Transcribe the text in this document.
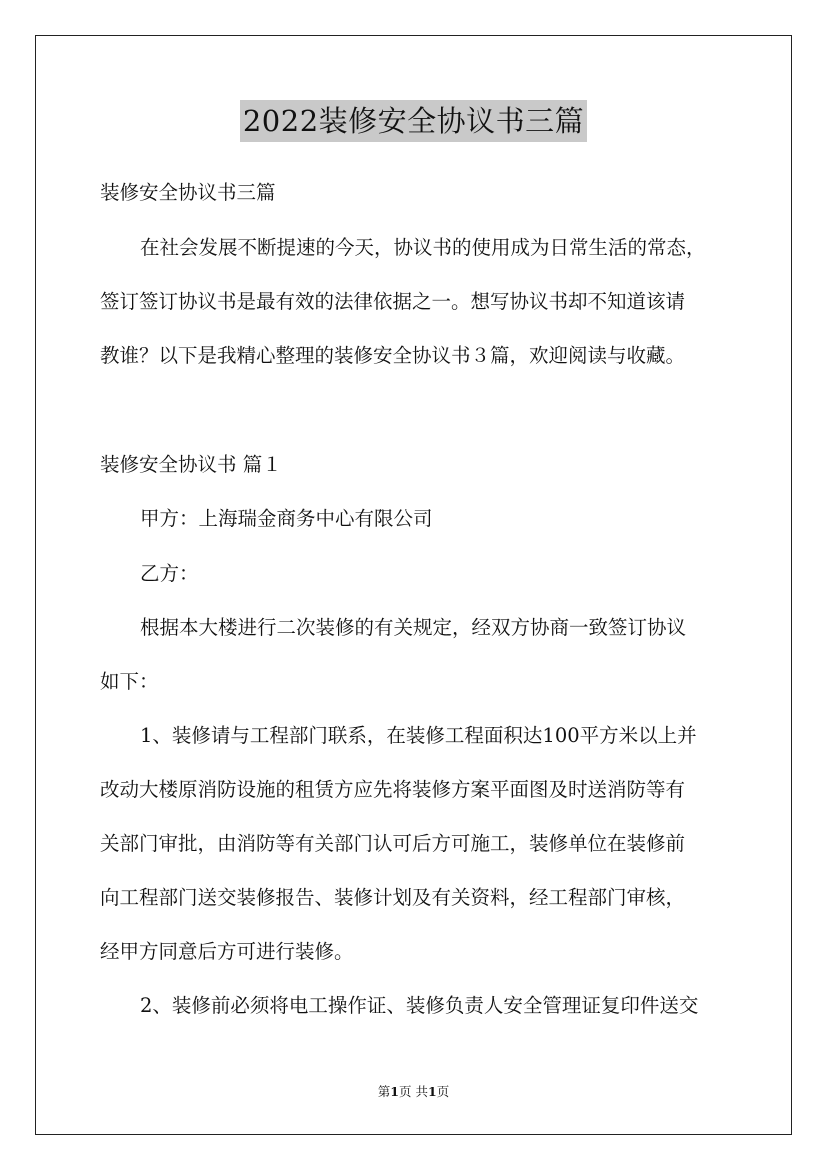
2022装修安全协议书三篇
装修安全协议书三篇
在社会发展不断提速的今天，协议书的使用成为日常生活的常态，
签订签订协议书是最有效的法律依据之一。想写协议书却不知道该请
教谁？以下是我精心整理的装修安全协议书３篇，欢迎阅读与收藏。
装修安全协议书 篇１
甲方：上海瑞金商务中心有限公司
乙方：
根据本大楼进行二次装修的有关规定，经双方协商一致签订协议
如下：
1、装修请与工程部门联系，在装修工程面积达100平方米以上并
改动大楼原消防设施的租赁方应先将装修方案平面图及时送消防等有
关部门审批，由消防等有关部门认可后方可施工，装修单位在装修前
向工程部门送交装修报告、装修计划及有关资料，经工程部门审核，
经甲方同意后方可进行装修。
2、装修前必须将电工操作证、装修负责人安全管理证复印件送交
第1页 共1页
